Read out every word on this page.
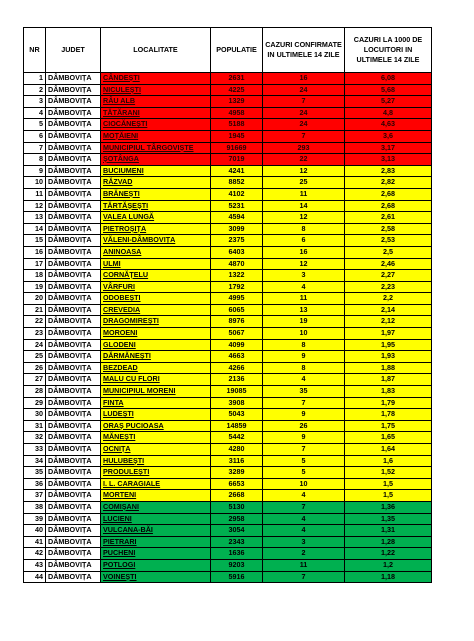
NR	JUDET	LOCALITATE	POPULATIE	CAZURI CONFIRMATE IN ULTIMELE 14 ZILE	CAZURI LA 1000 DE LOCUITORI IN ULTIMELE 14 ZILE
1	DÂMBOVIȚA	CÂNDEȘTI	2631	16	6,08
2	DÂMBOVIȚA	NICULEȘTI	4225	24	5,68
3	DÂMBOVIȚA	RÂU ALB	1329	7	5,27
4	DÂMBOVIȚA	TĂTĂRANI	4958	24	4,8
5	DÂMBOVIȚA	CIOCĂNEȘTI	5188	24	4,63
6	DÂMBOVIȚA	MOȚĂIENI	1945	7	3,6
7	DÂMBOVIȚA	MUNICIPIUL TÂRGOVIȘTE	91669	293	3,17
8	DÂMBOVIȚA	ȘOTÂNGA	7019	22	3,13
9	DÂMBOVIȚA	BUCIUMENI	4241	12	2,83
10	DÂMBOVIȚA	RĂZVAD	8852	25	2,82
11	DÂMBOVIȚA	BRĂNEȘTI	4102	11	2,68
12	DÂMBOVIȚA	TĂRTĂȘEȘTI	5231	14	2,68
13	DÂMBOVIȚA	VALEA LUNGĂ	4594	12	2,61
14	DÂMBOVIȚA	PIETROȘIȚA	3099	8	2,58
15	DÂMBOVIȚA	VĂLENI-DÂMBOVIȚA	2375	6	2,53
16	DÂMBOVIȚA	ANINOASA	6403	16	2,5
17	DÂMBOVIȚA	ULMI	4870	12	2,46
18	DÂMBOVIȚA	CORNĂȚELU	1322	3	2,27
19	DÂMBOVIȚA	VÂRFURI	1792	4	2,23
20	DÂMBOVIȚA	ODOBEȘTI	4995	11	2,2
21	DÂMBOVIȚA	CREVEDIA	6065	13	2,14
22	DÂMBOVIȚA	DRAGOMIREȘTI	8976	19	2,12
23	DÂMBOVIȚA	MOROENI	5067	10	1,97
24	DÂMBOVIȚA	GLODENI	4099	8	1,95
25	DÂMBOVIȚA	DĂRMĂNEȘTI	4663	9	1,93
26	DÂMBOVIȚA	BEZDEAD	4266	8	1,88
27	DÂMBOVIȚA	MALU CU FLORI	2136	4	1,87
28	DÂMBOVIȚA	MUNICIPIUL MORENI	19085	35	1,83
29	DÂMBOVIȚA	FINTA	3908	7	1,79
30	DÂMBOVIȚA	LUDEȘTI	5043	9	1,78
31	DÂMBOVIȚA	ORAȘ PUCIOASA	14859	26	1,75
32	DÂMBOVIȚA	MĂNEȘTI	5442	9	1,65
33	DÂMBOVIȚA	OCNIȚA	4280	7	1,64
34	DÂMBOVIȚA	HULUBEȘTI	3116	5	1,6
35	DÂMBOVIȚA	PRODULEȘTI	3289	5	1,52
36	DÂMBOVIȚA	I. L. CARAGIALE	6653	10	1,5
37	DÂMBOVIȚA	MORTENI	2668	4	1,5
38	DÂMBOVIȚA	COMIȘANI	5130	7	1,36
39	DÂMBOVIȚA	LUCIENI	2958	4	1,35
40	DÂMBOVIȚA	VULCANA-BĂI	3054	4	1,31
41	DÂMBOVIȚA	PIETRARI	2343	3	1,28
42	DÂMBOVIȚA	PUCHENI	1636	2	1,22
43	DÂMBOVIȚA	POTLOGI	9203	11	1,2
44	DÂMBOVIȚA	VOINEȘTI	5916	7	1,18
